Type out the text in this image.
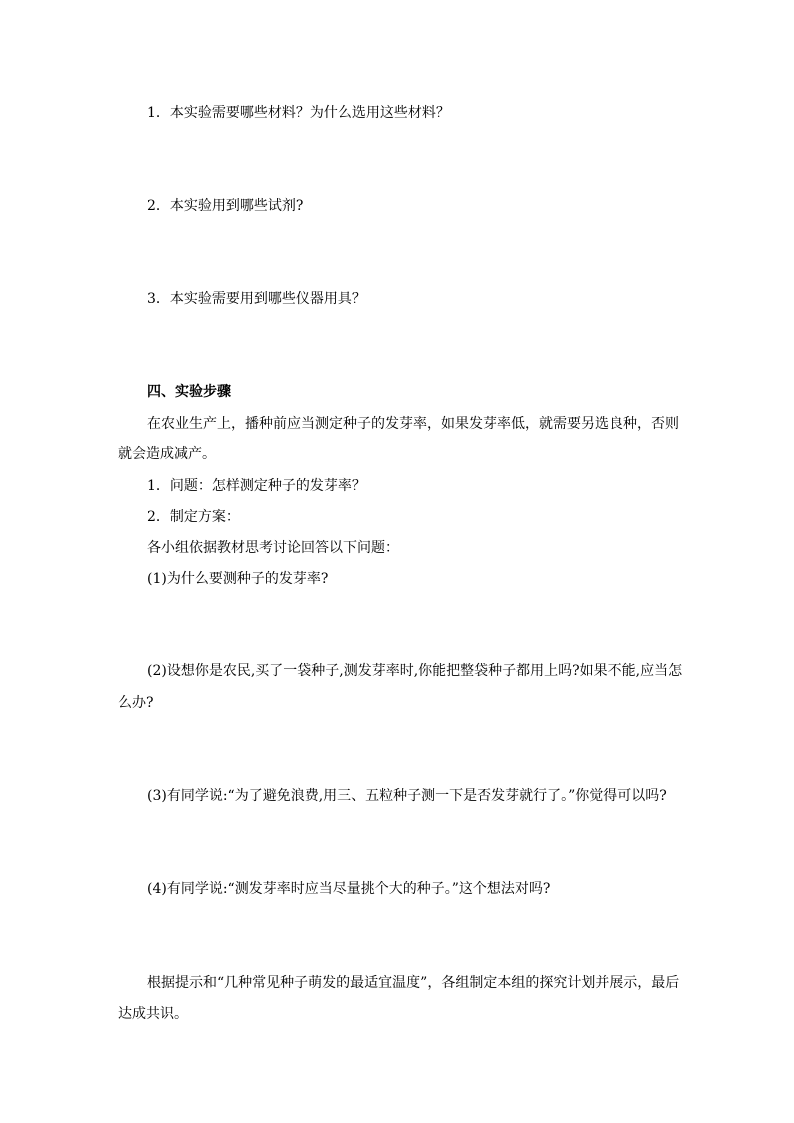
1．本实验需要哪些材料？为什么选用这些材料？

2．本实验用到哪些试剂?

3．本实验需要用到哪些仪器用具？

四、实验步骤

在农业生产上，播种前应当测定种子的发芽率，如果发芽率低，就需要另选良种，否则

就会造成减产。

1．问题：怎样测定种子的发芽率？

2．制定方案：

各小组依据教材思考讨论回答以下问题：

(1)为什么要测种子的发芽率?

(2)设想你是农民,买了一袋种子,测发芽率时,你能把整袋种子都用上吗?如果不能,应当怎

么办?

(3)有同学说:“为了避免浪费,用三、五粒种子测一下是否发芽就行了。”你觉得可以吗?

(4)有同学说:“测发芽率时应当尽量挑个大的种子。”这个想法对吗?

根据提示和“几种常见种子萌发的最适宜温度”，各组制定本组的探究计划并展示，最后

达成共识。
